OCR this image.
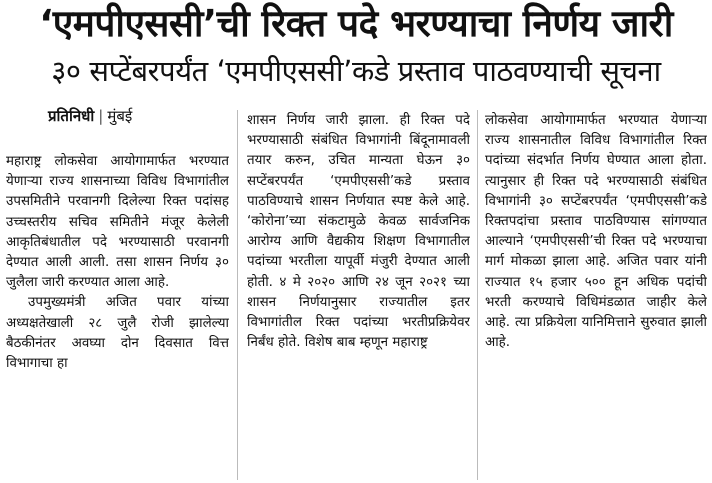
‘एमपीएससी’ची रिक्त पदे भरण्याचा निर्णय जारी
३० सप्टेंबरपर्यंत ‘एमपीएससी’कडे प्रस्ताव पाठवण्याची सूचना
प्रतिनिधी | मुंबई

महाराष्ट्र लोकसेवा आयोगामार्फत भरण्यात येणाऱ्या राज्य शासनाच्या विविध विभागांतील उपसमितीने परवानगी दिलेल्या रिक्त पदांसह उच्चस्तरीय सचिव समितीने मंजूर केलेली आकृतिबंधातील पदे भरण्यासाठी परवानगी देण्यात आली आली. तसा शासन निर्णय ३० जुलैला जारी करण्यात आला आहे.

उपमुख्यमंत्री अजित पवार यांच्या अध्यक्षतेखाली २८ जुलै रोजी झालेल्या बैठकीनंतर अवघ्या दोन दिवसात वित्त विभागाचा हा

शासन निर्णय जारी झाला. ही रिक्त पदे भरण्यासाठी संबंधित विभागांनी बिंदूनामावली तयार करुन, उचित मान्यता घेऊन ३० सप्टेंबरपर्यंत ‘एमपीएससी’कडे प्रस्ताव पाठविण्याचे शासन निर्णयात स्पष्ट केले आहे. ‘कोरोना’च्या संकटामुळे केवळ सार्वजनिक आरोग्य आणि वैद्यकीय शिक्षण विभागातील पदांच्या भरतीला यापूर्वी मंजुरी देण्यात आली होती. ४ मे २०२० आणि २४ जून २०२१ च्या शासन निर्णयानुसार राज्यातील इतर विभागांतील रिक्त पदांच्या भरतीप्रक्रियेवर निर्बंध होते. विशेष बाब म्हणून महाराष्ट्र

लोकसेवा आयोगामार्फत भरण्यात येणाऱ्या राज्य शासनातील विविध विभागांतील रिक्त पदांच्या संदर्भात निर्णय घेण्यात आला होता. त्यानुसार ही रिक्त पदे भरण्यासाठी संबंधित विभागांनी ३० सप्टेंबरपर्यंत ‘एमपीएससी’कडे रिक्तपदांचा प्रस्ताव पाठविण्यास सांगण्यात आल्याने ‘एमपीएससी’ची रिक्त पदे भरण्याचा मार्ग मोकळा झाला आहे. अजित पवार यांनी राज्यात १५ हजार ५०० हून अधिक पदांची भरती करण्याचे विधिमंडळात जाहीर केले आहे. त्या प्रक्रियेला यानिमित्ताने सुरुवात झाली आहे.
